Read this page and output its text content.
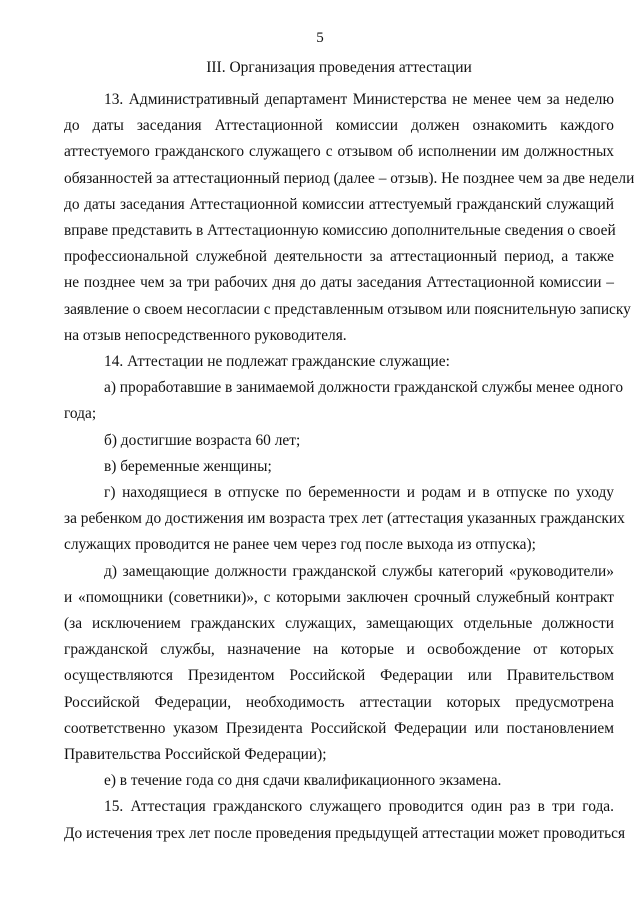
5
III. Организация проведения аттестации
13. Административный департамент Министерства не менее чем за неделю
до даты заседания Аттестационной комиссии должен ознакомить каждого
аттестуемого гражданского служащего с отзывом об исполнении им должностных
обязанностей за аттестационный период (далее – отзыв). Не позднее чем за две недели
до даты заседания Аттестационной комиссии аттестуемый гражданский служащий
вправе представить в Аттестационную комиссию дополнительные сведения о своей
профессиональной служебной деятельности за аттестационный период, а также
не позднее чем за три рабочих дня до даты заседания Аттестационной комиссии –
заявление о своем несогласии с представленным отзывом или пояснительную записку
на отзыв непосредственного руководителя.
14. Аттестации не подлежат гражданские служащие:
а) проработавшие в занимаемой должности гражданской службы менее одного
года;
б) достигшие возраста 60 лет;
в) беременные женщины;
г) находящиеся в отпуске по беременности и родам и в отпуске по уходу
за ребенком до достижения им возраста трех лет (аттестация указанных гражданских
служащих проводится не ранее чем через год после выхода из отпуска);
д) замещающие должности гражданской службы категорий «руководители»
и «помощники (советники)», с которыми заключен срочный служебный контракт
(за исключением гражданских служащих, замещающих отдельные должности
гражданской службы, назначение на которые и освобождение от которых
осуществляются Президентом Российской Федерации или Правительством
Российской Федерации, необходимость аттестации которых предусмотрена
соответственно указом Президента Российской Федерации или постановлением
Правительства Российской Федерации);
е) в течение года со дня сдачи квалификационного экзамена.
15. Аттестация гражданского служащего проводится один раз в три года.
До истечения трех лет после проведения предыдущей аттестации может проводиться
